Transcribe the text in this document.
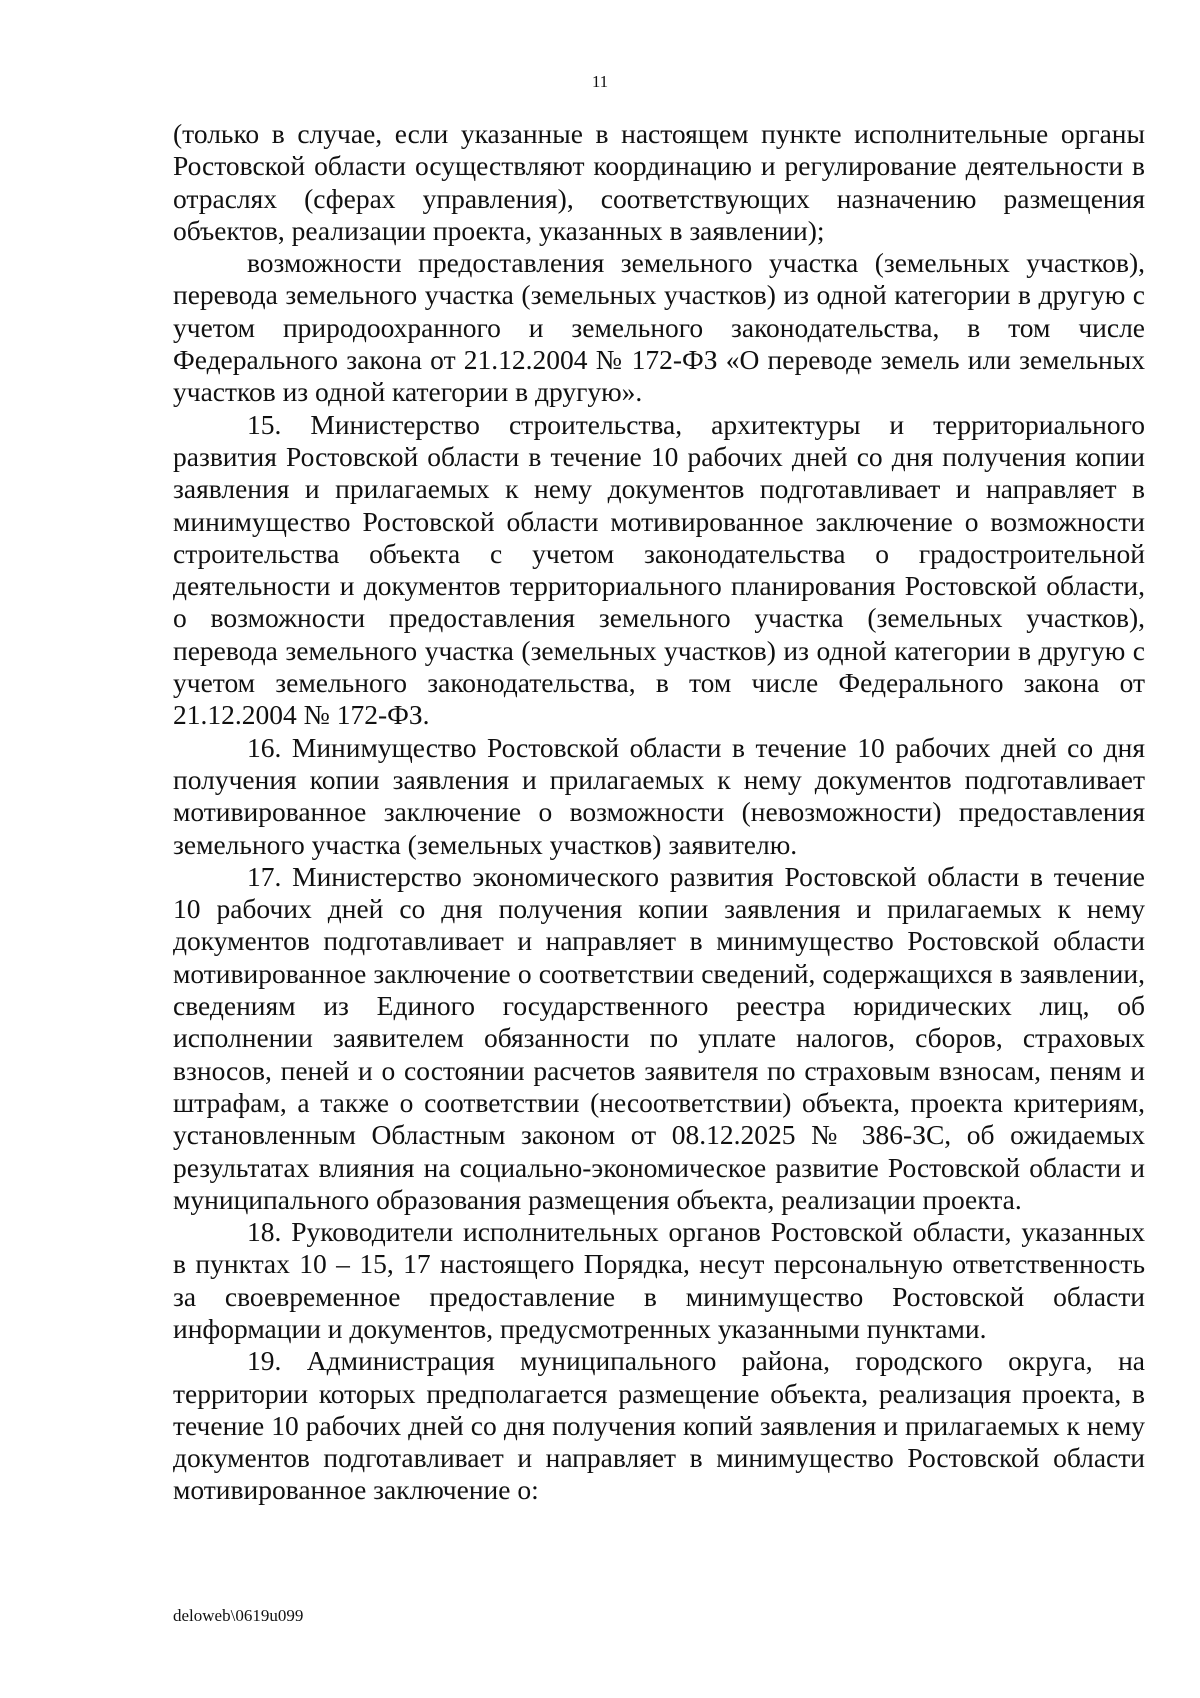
11

(только в случае, если указанные в настоящем пункте исполнительные органы Ростовской области осуществляют координацию и регулирование деятельности в отраслях (сферах управления), соответствующих назначению размещения объектов, реализации проекта, указанных в заявлении);

возможности предоставления земельного участка (земельных участков), перевода земельного участка (земельных участков) из одной категории в другую с учетом природоохранного и земельного законодательства, в том числе Федерального закона от 21.12.2004 № 172-ФЗ «О переводе земель или земельных участков из одной категории в другую».

15. Министерство строительства, архитектуры и территориального развития Ростовской области в течение 10 рабочих дней со дня получения копии заявления и прилагаемых к нему документов подготавливает и направляет в минимущество Ростовской области мотивированное заключение о возможности строительства объекта с учетом законодательства о градостроительной деятельности и документов территориального планирования Ростовской области, о возможности предоставления земельного участка (земельных участков), перевода земельного участка (земельных участков) из одной категории в другую с учетом земельного законодательства, в том числе Федерального закона от 21.12.2004 № 172-ФЗ.

16. Минимущество Ростовской области в течение 10 рабочих дней со дня получения копии заявления и прилагаемых к нему документов подготавливает мотивированное заключение о возможности (невозможности) предоставления земельного участка (земельных участков) заявителю.

17. Министерство экономического развития Ростовской области в течение 10 рабочих дней со дня получения копии заявления и прилагаемых к нему документов подготавливает и направляет в минимущество Ростовской области мотивированное заключение о соответствии сведений, содержащихся в заявлении, сведениям из Единого государственного реестра юридических лиц, об исполнении заявителем обязанности по уплате налогов, сборов, страховых взносов, пеней и о состоянии расчетов заявителя по страховым взносам, пеням и штрафам, а также о соответствии (несоответствии) объекта, проекта критериям, установленным Областным законом от 08.12.2025 № 386-ЗС, об ожидаемых результатах влияния на социально-экономическое развитие Ростовской области и муниципального образования размещения объекта, реализации проекта.

18. Руководители исполнительных органов Ростовской области, указанных в пунктах 10 – 15, 17 настоящего Порядка, несут персональную ответственность за своевременное предоставление в минимущество Ростовской области информации и документов, предусмотренных указанными пунктами.

19. Администрация муниципального района, городского округа, на территории которых предполагается размещение объекта, реализация проекта, в течение 10 рабочих дней со дня получения копий заявления и прилагаемых к нему документов подготавливает и направляет в минимущество Ростовской области мотивированное заключение о:

deloweb\0619u099
